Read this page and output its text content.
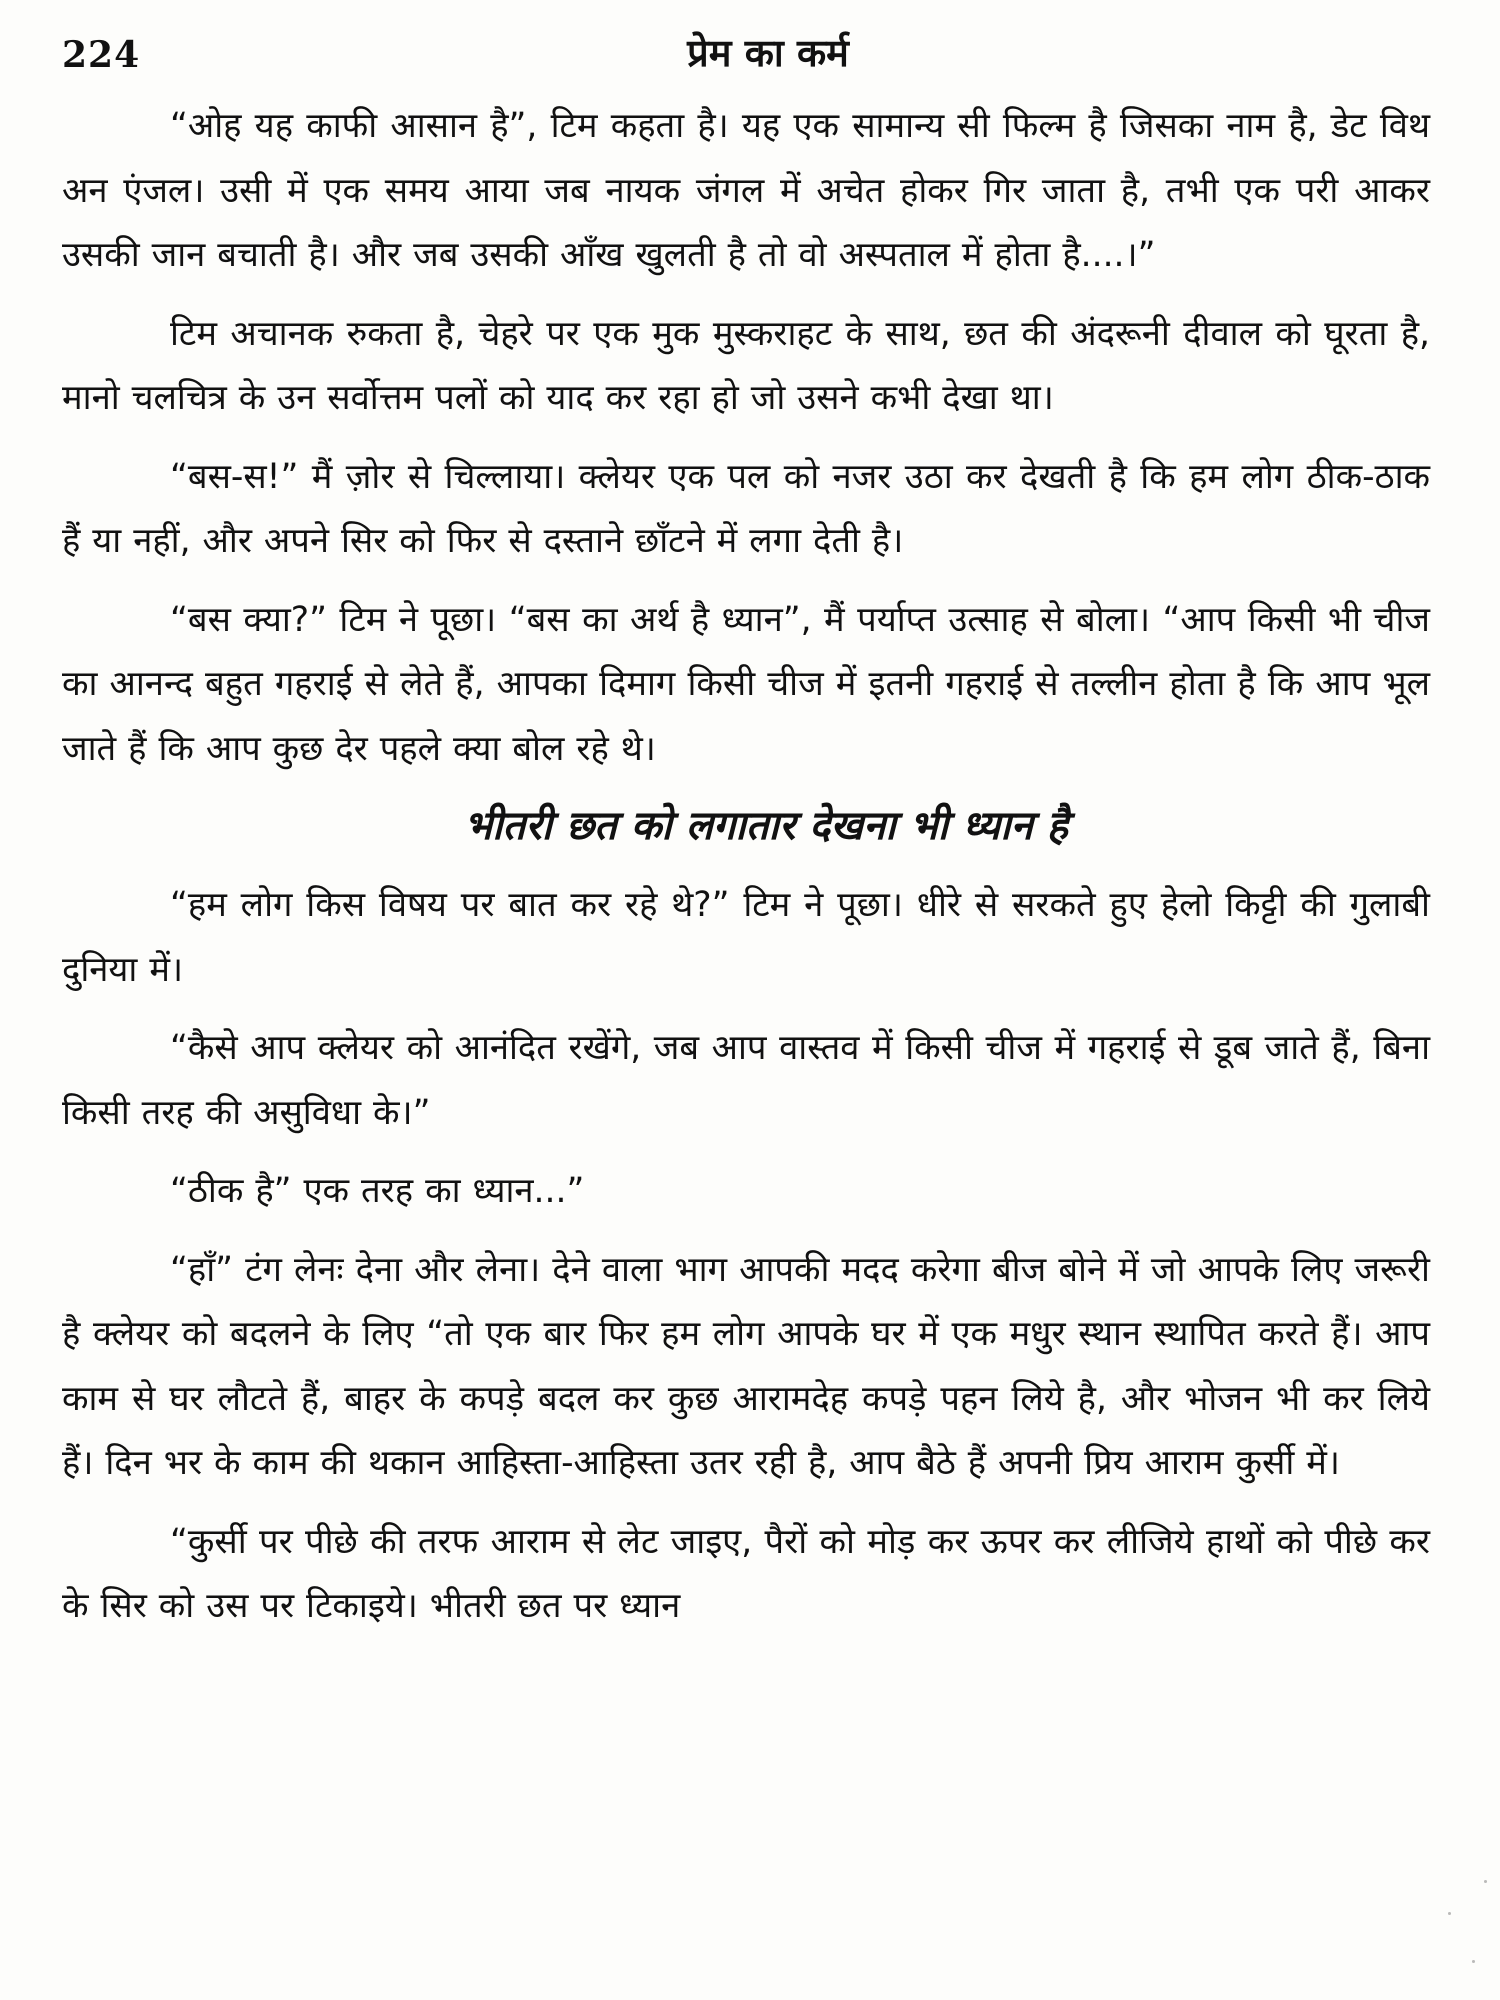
224	प्रेम का कर्म

“ओह यह काफी आसान है”, टिम कहता है। यह एक सामान्य सी फिल्म है जिसका नाम है, डेट विथ अन एंजल। उसी में एक समय आया जब नायक जंगल में अचेत होकर गिर जाता है, तभी एक परी आकर उसकी जान बचाती है। और जब उसकी आँख खुलती है तो वो अस्पताल में होता है....।”

टिम अचानक रुकता है, चेहरे पर एक मुक मुस्कराहट के साथ, छत की अंदरूनी दीवाल को घूरता है, मानो चलचित्र के उन सर्वोत्तम पलों को याद कर रहा हो जो उसने कभी देखा था।

“बस-स!” मैं ज़ोर से चिल्लाया। क्लेयर एक पल को नजर उठा कर देखती है कि हम लोग ठीक-ठाक हैं या नहीं, और अपने सिर को फिर से दस्ताने छाँटने में लगा देती है।

“बस क्या?” टिम ने पूछा। “बस का अर्थ है ध्यान”, मैं पर्याप्त उत्साह से बोला। “आप किसी भी चीज का आनन्द बहुत गहराई से लेते हैं, आपका दिमाग किसी चीज में इतनी गहराई से तल्लीन होता है कि आप भूल जाते हैं कि आप कुछ देर पहले क्या बोल रहे थे।

भीतरी छत को लगातार देखना भी ध्यान है

“हम लोग किस विषय पर बात कर रहे थे?” टिम ने पूछा। धीरे से सरकते हुए हेलो किट्टी की गुलाबी दुनिया में।

“कैसे आप क्लेयर को आनंदित रखेंगे, जब आप वास्तव में किसी चीज में गहराई से डूब जाते हैं, बिना किसी तरह की असुविधा के।”

“ठीक है” एक तरह का ध्यान...”

“हाँ” टंग लेनः देना और लेना। देने वाला भाग आपकी मदद करेगा बीज बोने में जो आपके लिए जरूरी है क्लेयर को बदलने के लिए “तो एक बार फिर हम लोग आपके घर में एक मधुर स्थान स्थापित करते हैं। आप काम से घर लौटते हैं, बाहर के कपड़े बदल कर कुछ आरामदेह कपड़े पहन लिये है, और भोजन भी कर लिये हैं। दिन भर के काम की थकान आहिस्ता-आहिस्ता उतर रही है, आप बैठे हैं अपनी प्रिय आराम कुर्सी में।

“कुर्सी पर पीछे की तरफ आराम से लेट जाइए, पैरों को मोड़ कर ऊपर कर लीजिये हाथों को पीछे कर के सिर को उस पर टिकाइये। भीतरी छत पर ध्यान
